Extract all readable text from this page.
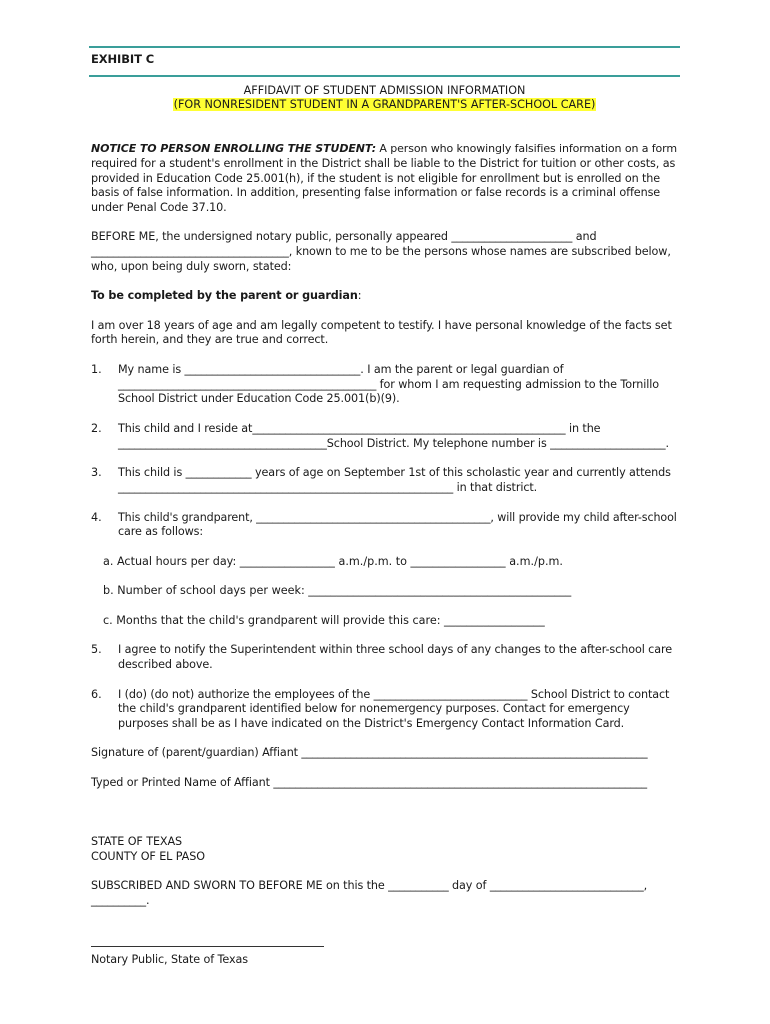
EXHIBIT C
AFFIDAVIT OF STUDENT ADMISSION INFORMATION
(FOR NONRESIDENT STUDENT IN A GRANDPARENT'S AFTER-SCHOOL CARE)
NOTICE TO PERSON ENROLLING THE STUDENT: A person who knowingly falsifies information on a form
required for a student's enrollment in the District shall be liable to the District for tuition or other costs, as
provided in Education Code 25.001(h), if the student is not eligible for enrollment but is enrolled on the
basis of false information. In addition, presenting false information or false records is a criminal offense
under Penal Code 37.10.
BEFORE ME, the undersigned notary public, personally appeared ______________________ and
____________________________________, known to me to be the persons whose names are subscribed below,
who, upon being duly sworn, stated:
To be completed by the parent or guardian:
I am over 18 years of age and am legally competent to testify. I have personal knowledge of the facts set
forth herein, and they are true and correct.
1. My name is ________________________________. I am the parent or legal guardian of
_______________________________________________ for whom I am requesting admission to the Tornillo
School District under Education Code 25.001(b)(9).
2. This child and I reside at_________________________________________________________ in the
______________________________________School District. My telephone number is _____________________.
3. This child is ____________ years of age on September 1st of this scholastic year and currently attends
_____________________________________________________________ in that district.
4. This child's grandparent, ___________________________________________, will provide my child after-school
care as follows:
a. Actual hours per day: _________________ a.m./p.m. to _________________ a.m./p.m.
b. Number of school days per week: _______________________________________________
c. Months that the child's grandparent will provide this care: __________________
5. I agree to notify the Superintendent within three school days of any changes to the after-school care
described above.
6. I (do) (do not) authorize the employees of the ____________________________ School District to contact
the child's grandparent identified below for nonemergency purposes. Contact for emergency
purposes shall be as I have indicated on the District's Emergency Contact Information Card.
Signature of (parent/guardian) Affiant _______________________________________________________________
Typed or Printed Name of Affiant ____________________________________________________________________
STATE OF TEXAS
COUNTY OF EL PASO
SUBSCRIBED AND SWORN TO BEFORE ME on this the ___________ day of ____________________________,
__________.
Notary Public, State of Texas
